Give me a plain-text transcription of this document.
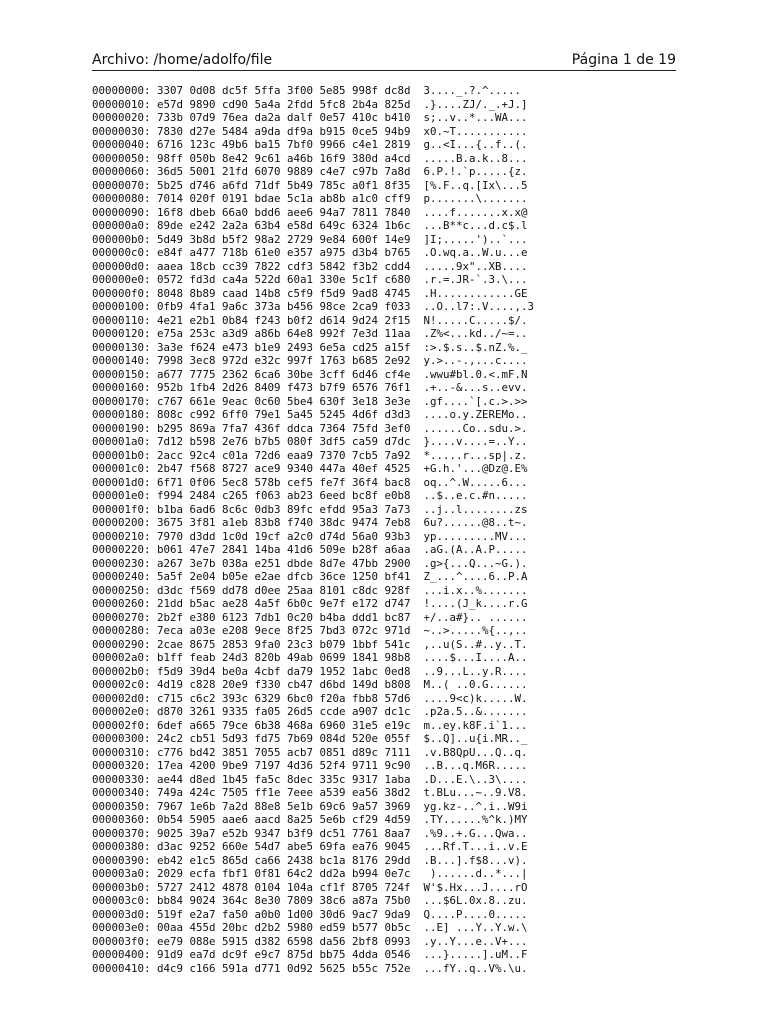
Archivo: /home/adolfo/file	Página 1 de 19
00000000: 3307 0d08 dc5f 5ffa 3f00 5e85 998f dc8d  3...._.?.^.....
00000010: e57d 9890 cd90 5a4a 2fdd 5fc8 2b4a 825d  .}....ZJ/._.+J.]
00000020: 733b 07d9 76ea da2a dalf 0e57 410c b410  s;..v..*...WA...
00000030: 7830 d27e 5484 a9da df9a b915 0ce5 94b9  x0.~T...........
00000040: 6716 123c 49b6 ba15 7bf0 9966 c4e1 2819  g..<I...{..f..(.
00000050: 98ff 050b 8e42 9c61 a46b 16f9 380d a4cd  .....B.a.k..8...
00000060: 36d5 5001 21fd 6070 9889 c4e7 c97b 7a8d  6.P.!.`p.....{z.
00000070: 5b25 d746 a6fd 71df 5b49 785c a0f1 8f35  [%.F..q.[Ix\...5
00000080: 7014 020f 0191 bdae 5c1a ab8b a1c0 cff9  p.......\.......
00000090: 16f8 dbeb 66a0 bdd6 aee6 94a7 7811 7840  ....f.......x.x@
000000a0: 89de e242 2a2a 63b4 e58d 649c 6324 1b6c  ...B**c...d.c$.l
000000b0: 5d49 3b8d b5f2 98a2 2729 9e84 600f 14e9  ]I;.....')..`...
000000c0: e84f a477 718b 61e0 e357 a975 d3b4 b765  .O.wq.a..W.u...e
000000d0: aaea 18cb cc39 7822 cdf3 5842 f3b2 cdd4  .....9x"..XB....
000000e0: 0572 fd3d ca4a 522d 60a1 330e 5c1f c680  .r.=.JR-`.3.\...
000000f0: 8048 8b89 caad 14b8 c5f9 f5d9 9ad8 4745  .H............GE
00000100: 0fb9 4fa1 9a6c 373a b456 98ce 2ca9 f033  ..O..l7:.V....,.3
00000110: 4e21 e2b1 0b84 f243 b0f2 d614 9d24 2f15  N!.....C.....$/.
00000120: e75a 253c a3d9 a86b 64e8 992f 7e3d 11aa  .Z%<...kd../~=..
00000130: 3a3e f624 e473 b1e9 2493 6e5a cd25 a15f  :>.$.s..$.nZ.%._
00000140: 7998 3ec8 972d e32c 997f 1763 b685 2e92  y.>..-.,...c....
00000150: a677 7775 2362 6ca6 30be 3cff 6d46 cf4e  .wwu#bl.0.<.mF.N
00000160: 952b 1fb4 2d26 8409 f473 b7f9 6576 76f1  .+..-&...s..evv.
00000170: c767 661e 9eac 0c60 5be4 630f 3e18 3e3e  .gf....`[.c.>.>>
00000180: 808c c992 6ff0 79e1 5a45 5245 4d6f d3d3  ....o.y.ZEREMo..
00000190: b295 869a 7fa7 436f ddca 7364 75fd 3ef0  ......Co..sdu.>.
000001a0: 7d12 b598 2e76 b7b5 080f 3df5 ca59 d7dc  }....v....=..Y..
000001b0: 2acc 92c4 c01a 72d6 eaa9 7370 7cb5 7a92  *.....r...sp|.z.
000001c0: 2b47 f568 8727 ace9 9340 447a 40ef 4525  +G.h.'...@Dz@.E%
000001d0: 6f71 0f06 5ec8 578b cef5 fe7f 36f4 bac8  oq..^.W.....6...
000001e0: f994 2484 c265 f063 ab23 6eed bc8f e0b8  ..$..e.c.#n.....
000001f0: b1ba 6ad6 8c6c 0db3 89fc efdd 95a3 7a73  ..j..l........zs
00000200: 3675 3f81 a1eb 83b8 f740 38dc 9474 7eb8  6u?......@8..t~.
00000210: 7970 d3dd 1c0d 19cf a2c0 d74d 56a0 93b3  yp.........MV...
00000220: b061 47e7 2841 14ba 41d6 509e b28f a6aa  .aG.(A..A.P.....
00000230: a267 3e7b 038a e251 dbde 8d7e 47bb 2900  .g>{...Q...~G.).
00000240: 5a5f 2e04 b05e e2ae dfcb 36ce 1250 bf41  Z_...^....6..P.A
00000250: d3dc f569 dd78 d0ee 25aa 8101 c8dc 928f  ...i.x..%.......
00000260: 21dd b5ac ae28 4a5f 6b0c 9e7f e172 d747  !....(J_k....r.G
00000270: 2b2f e380 6123 7db1 0c20 b4ba ddd1 bc87  +/..a#}.. ......
00000280: 7eca a03e e208 9ece 8f25 7bd3 072c 971d  ~..>.....%{..,..
00000290: 2cae 8675 2853 9fa0 23c3 b079 1bbf 541c  ,..u(S..#..y..T.
000002a0: b1ff feab 24d3 820b 49ab 0699 1841 98b8  ....$...I....A..
000002b0: f5d9 39d4 be0a 4cbf da79 1952 1abc 0ed8  ..9...L..y.R....
000002c0: 4d19 c828 20e9 f330 cb47 d6bd 149d b808  M..( ..0.G......
000002d0: c715 c6c2 393c 6329 6bc0 f20a fbb8 57d6  ....9<c)k.....W.
000002e0: d870 3261 9335 fa05 26d5 ccde a907 dc1c  .p2a.5..&.......
000002f0: 6def a665 79ce 6b38 468a 6960 31e5 e19c  m..ey.k8F.i`1...
00000300: 24c2 cb51 5d93 fd75 7b69 084d 520e 055f  $..Q]..u{i.MR.._
00000310: c776 bd42 3851 7055 acb7 0851 d89c 7111  .v.B8QpU...Q..q.
00000320: 17ea 4200 9be9 7197 4d36 52f4 9711 9c90  ..B...q.M6R.....
00000330: ae44 d8ed 1b45 fa5c 8dec 335c 9317 1aba  .D...E.\..3\....
00000340: 749a 424c 7505 ff1e 7eee a539 ea56 38d2  t.BLu...~..9.V8.
00000350: 7967 1e6b 7a2d 88e8 5e1b 69c6 9a57 3969  yg.kz-..^.i..W9i
00000360: 0b54 5905 aae6 aacd 8a25 5e6b cf29 4d59  .TY......%^k.)MY
00000370: 9025 39a7 e52b 9347 b3f9 dc51 7761 8aa7  .%9..+.G...Qwa..
00000380: d3ac 9252 660e 54d7 abe5 69fa ea76 9045  ...Rf.T...i..v.E
00000390: eb42 e1c5 865d ca66 2438 bc1a 8176 29dd  .B...].f$8...v).
000003a0: 2029 ecfa fbf1 0f81 64c2 dd2a b994 0e7c   )......d..*...|
000003b0: 5727 2412 4878 0104 104a cf1f 8705 724f  W'$.Hx...J....rO
000003c0: bb84 9024 364c 8e30 7809 38c6 a87a 75b0  ...$6L.0x.8..zu.
000003d0: 519f e2a7 fa50 a0b0 1d00 30d6 9ac7 9da9  Q....P....0.....
000003e0: 00aa 455d 20bc d2b2 5980 ed59 b577 0b5c  ..E] ...Y..Y.w.\
000003f0: ee79 088e 5915 d382 6598 da56 2bf8 0993  .y..Y...e..V+...
00000400: 91d9 ea7d dc9f e9c7 875d bb75 4dda 0546  ...}.....].uM..F
00000410: d4c9 c166 591a d771 0d92 5625 b55c 752e  ...fY..q..V%.\u.
